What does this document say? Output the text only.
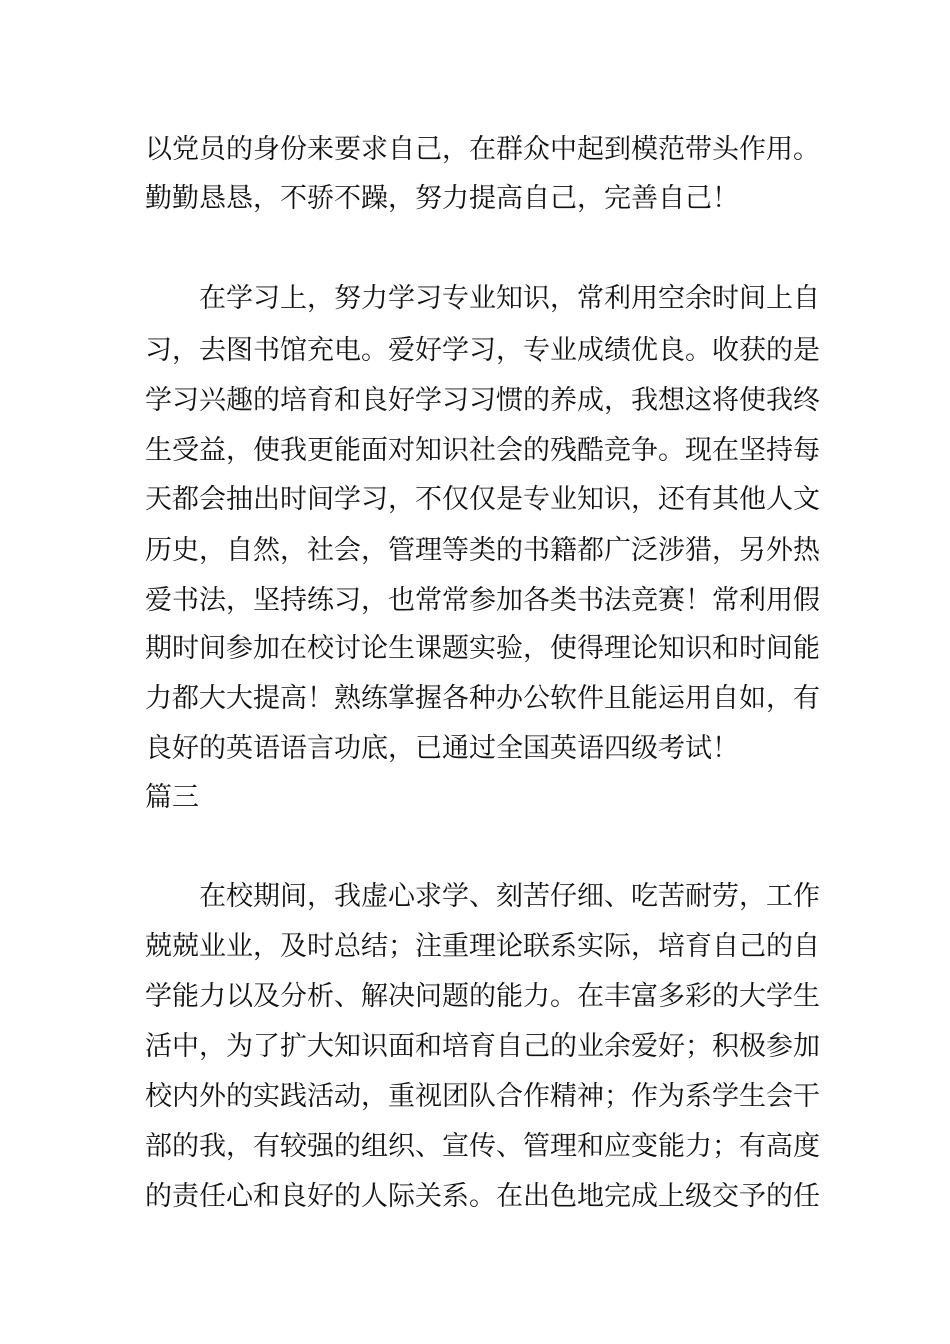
以党员的身份来要求自己，在群众中起到模范带头作用。
勤勤恳恳，不骄不躁，努力提高自己，完善自己！
在学习上，努力学习专业知识，常利用空余时间上自
习，去图书馆充电。爱好学习，专业成绩优良。收获的是
学习兴趣的培育和良好学习习惯的养成，我想这将使我终
生受益，使我更能面对知识社会的残酷竞争。现在坚持每
天都会抽出时间学习，不仅仅是专业知识，还有其他人文
历史，自然，社会，管理等类的书籍都广泛涉猎，另外热
爱书法，坚持练习，也常常参加各类书法竞赛！常利用假
期时间参加在校讨论生课题实验，使得理论知识和时间能
力都大大提高！熟练掌握各种办公软件且能运用自如，有
良好的英语语言功底，已通过全国英语四级考试！
篇三
在校期间，我虚心求学、刻苦仔细、吃苦耐劳，工作
兢兢业业，及时总结；注重理论联系实际，培育自己的自
学能力以及分析、解决问题的能力。在丰富多彩的大学生
活中，为了扩大知识面和培育自己的业余爱好；积极参加
校内外的实践活动，重视团队合作精神；作为系学生会干
部的我，有较强的组织、宣传、管理和应变能力；有高度
的责任心和良好的人际关系。在出色地完成上级交予的任
